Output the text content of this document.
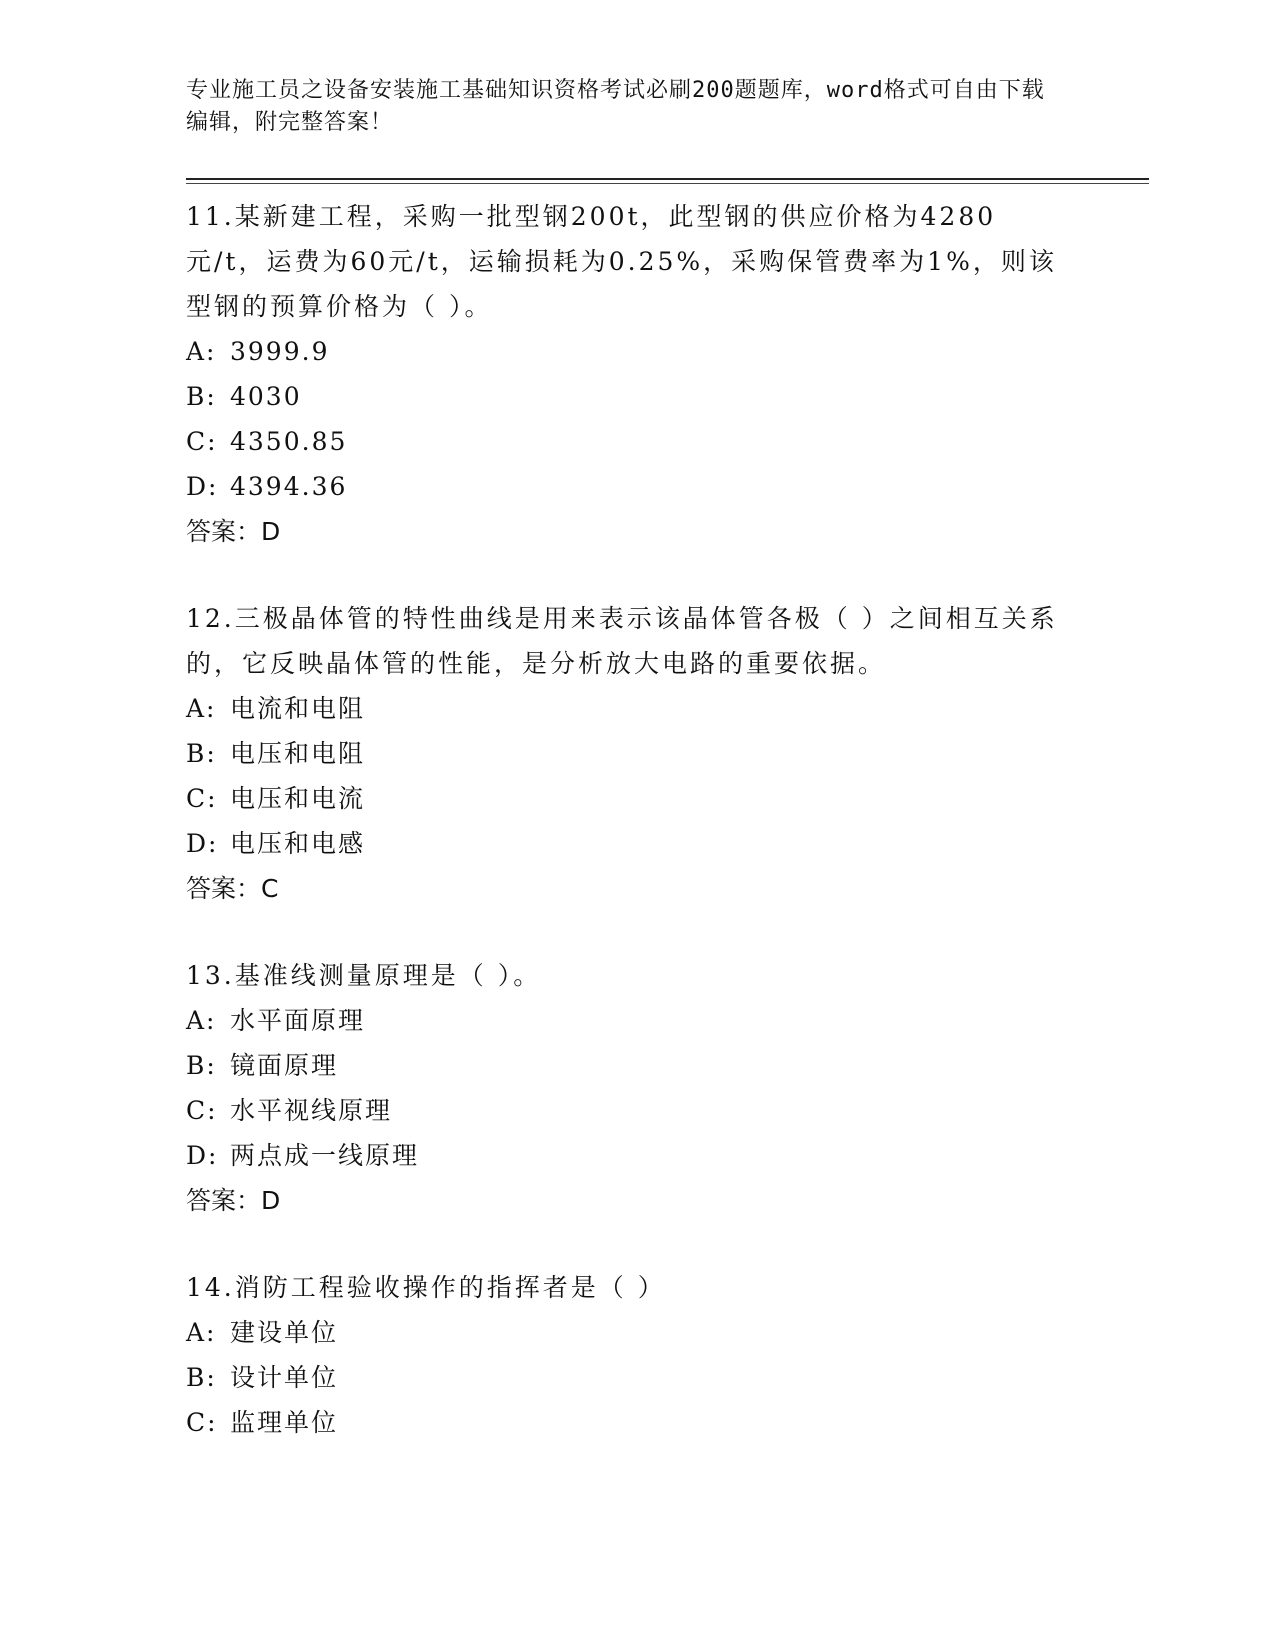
专业施工员之设备安装施工基础知识资格考试必刷200题题库，word格式可自由下载编辑，附完整答案！

11.某新建工程，采购一批型钢200t，此型钢的供应价格为4280元/t，运费为60元/t，运输损耗为0.25%，采购保管费率为1%，则该型钢的预算价格为（ ）。

A: 3999.9

B: 4030

C: 4350.85

D: 4394.36

答案：D

12.三极晶体管的特性曲线是用来表示该晶体管各极（ ）之间相互关系的，它反映晶体管的性能，是分析放大电路的重要依据。

A: 电流和电阻

B: 电压和电阻

C: 电压和电流

D: 电压和电感

答案：C

13.基准线测量原理是（ ）。

A: 水平面原理

B: 镜面原理

C: 水平视线原理

D: 两点成一线原理

答案：D

14.消防工程验收操作的指挥者是（ ）

A: 建设单位

B: 设计单位

C: 监理单位
